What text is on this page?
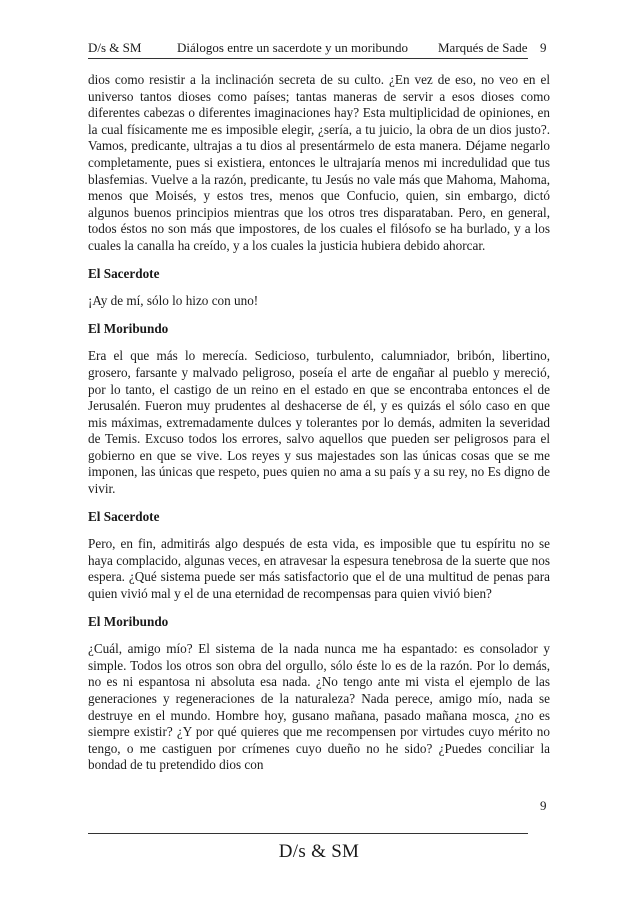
D/s & SM	Diálogos entre un sacerdote y un moribundo Marqués de Sade 9

dios como resistir a la inclinación secreta de su culto. ¿En vez de eso, no veo en el universo tantos dioses como países; tantas maneras de servir a esos dioses como diferentes cabezas o diferentes imaginaciones hay? Esta multiplicidad de opiniones, en la cual físicamente me es imposible elegir, ¿sería, a tu juicio, la obra de un dios justo?. Vamos, predicante, ultrajas a tu dios al presentármelo de esta manera. Déjame negarlo completamente, pues si existiera, entonces le ultrajaría menos mi incredulidad que tus blasfemias. Vuelve a la razón, predicante, tu Jesús no vale más que Mahoma, Mahoma, menos que Moisés, y estos tres, menos que Confucio, quien, sin embargo, dictó algunos buenos principios mientras que los otros tres disparataban. Pero, en general, todos éstos no son más que impostores, de los cuales el filósofo se ha burlado, y a los cuales la canalla ha creído, y a los cuales la justicia hubiera debido ahorcar.

El Sacerdote

¡Ay de mí, sólo lo hizo con uno!

El Moribundo

Era el que más lo merecía. Sedicioso, turbulento, calumniador, bribón, libertino, grosero, farsante y malvado peligroso, poseía el arte de engañar al pueblo y mereció, por lo tanto, el castigo de un reino en el estado en que se encontraba entonces el de Jerusalén. Fueron muy prudentes al deshacerse de él, y es quizás el sólo caso en que mis máximas, extremadamente dulces y tolerantes por lo demás, admiten la severidad de Temis. Excuso todos los errores, salvo aquellos que pueden ser peligrosos para el gobierno en que se vive. Los reyes y sus majestades son las únicas cosas que se me imponen, las únicas que respeto, pues quien no ama a su país y a su rey, no Es digno de vivir.

El Sacerdote

Pero, en fin, admitirás algo después de esta vida, es imposible que tu espíritu no se haya complacido, algunas veces, en atravesar la espesura tenebrosa de la suerte que nos espera. ¿Qué sistema puede ser más satisfactorio que el de una multitud de penas para quien vivió mal y el de una eternidad de recompensas para quien vivió bien?

El Moribundo

¿Cuál, amigo mío? El sistema de la nada nunca me ha espantado: es consolador y simple. Todos los otros son obra del orgullo, sólo éste lo es de la razón. Por lo demás, no es ni espantosa ni absoluta esa nada. ¿No tengo ante mi vista el ejemplo de las generaciones y regeneraciones de la naturaleza? Nada perece, amigo mío, nada se destruye en el mundo. Hombre hoy, gusano mañana, pasado mañana mosca, ¿no es siempre existir? ¿Y por qué quieres que me recompensen por virtudes cuyo mérito no tengo, o me castiguen por crímenes cuyo dueño no he sido? ¿Puedes conciliar la bondad de tu pretendido dios con

9
D/s & SM
